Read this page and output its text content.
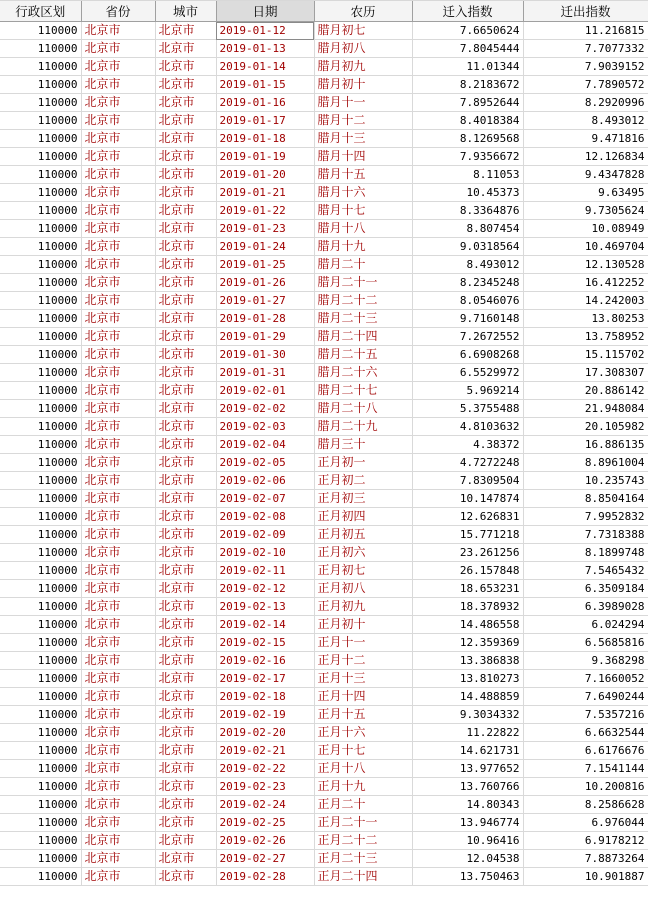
行政区划	省份	城市	日期	农历	迁入指数	迁出指数
110000	北京市	北京市	2019-01-12	腊月初七	7.6650624	11.216815
110000	北京市	北京市	2019-01-13	腊月初八	7.8045444	7.7077332
110000	北京市	北京市	2019-01-14	腊月初九	11.01344	7.9039152
110000	北京市	北京市	2019-01-15	腊月初十	8.2183672	7.7890572
110000	北京市	北京市	2019-01-16	腊月十一	7.8952644	8.2920996
110000	北京市	北京市	2019-01-17	腊月十二	8.4018384	8.493012
110000	北京市	北京市	2019-01-18	腊月十三	8.1269568	9.471816
110000	北京市	北京市	2019-01-19	腊月十四	7.9356672	12.126834
110000	北京市	北京市	2019-01-20	腊月十五	8.11053	9.4347828
110000	北京市	北京市	2019-01-21	腊月十六	10.45373	9.63495
110000	北京市	北京市	2019-01-22	腊月十七	8.3364876	9.7305624
110000	北京市	北京市	2019-01-23	腊月十八	8.807454	10.08949
110000	北京市	北京市	2019-01-24	腊月十九	9.0318564	10.469704
110000	北京市	北京市	2019-01-25	腊月二十	8.493012	12.130528
110000	北京市	北京市	2019-01-26	腊月二十一	8.2345248	16.412252
110000	北京市	北京市	2019-01-27	腊月二十二	8.0546076	14.242003
110000	北京市	北京市	2019-01-28	腊月二十三	9.7160148	13.80253
110000	北京市	北京市	2019-01-29	腊月二十四	7.2672552	13.758952
110000	北京市	北京市	2019-01-30	腊月二十五	6.6908268	15.115702
110000	北京市	北京市	2019-01-31	腊月二十六	6.5529972	17.308307
110000	北京市	北京市	2019-02-01	腊月二十七	5.969214	20.886142
110000	北京市	北京市	2019-02-02	腊月二十八	5.3755488	21.948084
110000	北京市	北京市	2019-02-03	腊月二十九	4.8103632	20.105982
110000	北京市	北京市	2019-02-04	腊月三十	4.38372	16.886135
110000	北京市	北京市	2019-02-05	正月初一	4.7272248	8.8961004
110000	北京市	北京市	2019-02-06	正月初二	7.8309504	10.235743
110000	北京市	北京市	2019-02-07	正月初三	10.147874	8.8504164
110000	北京市	北京市	2019-02-08	正月初四	12.626831	7.9952832
110000	北京市	北京市	2019-02-09	正月初五	15.771218	7.7318388
110000	北京市	北京市	2019-02-10	正月初六	23.261256	8.1899748
110000	北京市	北京市	2019-02-11	正月初七	26.157848	7.5465432
110000	北京市	北京市	2019-02-12	正月初八	18.653231	6.3509184
110000	北京市	北京市	2019-02-13	正月初九	18.378932	6.3989028
110000	北京市	北京市	2019-02-14	正月初十	14.486558	6.024294
110000	北京市	北京市	2019-02-15	正月十一	12.359369	6.5685816
110000	北京市	北京市	2019-02-16	正月十二	13.386838	9.368298
110000	北京市	北京市	2019-02-17	正月十三	13.810273	7.1660052
110000	北京市	北京市	2019-02-18	正月十四	14.488859	7.6490244
110000	北京市	北京市	2019-02-19	正月十五	9.3034332	7.5357216
110000	北京市	北京市	2019-02-20	正月十六	11.22822	6.6632544
110000	北京市	北京市	2019-02-21	正月十七	14.621731	6.6176676
110000	北京市	北京市	2019-02-22	正月十八	13.977652	7.1541144
110000	北京市	北京市	2019-02-23	正月十九	13.760766	10.200816
110000	北京市	北京市	2019-02-24	正月二十	14.80343	8.2586628
110000	北京市	北京市	2019-02-25	正月二十一	13.946774	6.976044
110000	北京市	北京市	2019-02-26	正月二十二	10.96416	6.9178212
110000	北京市	北京市	2019-02-27	正月二十三	12.04538	7.8873264
110000	北京市	北京市	2019-02-28	正月二十四	13.750463	10.901887
